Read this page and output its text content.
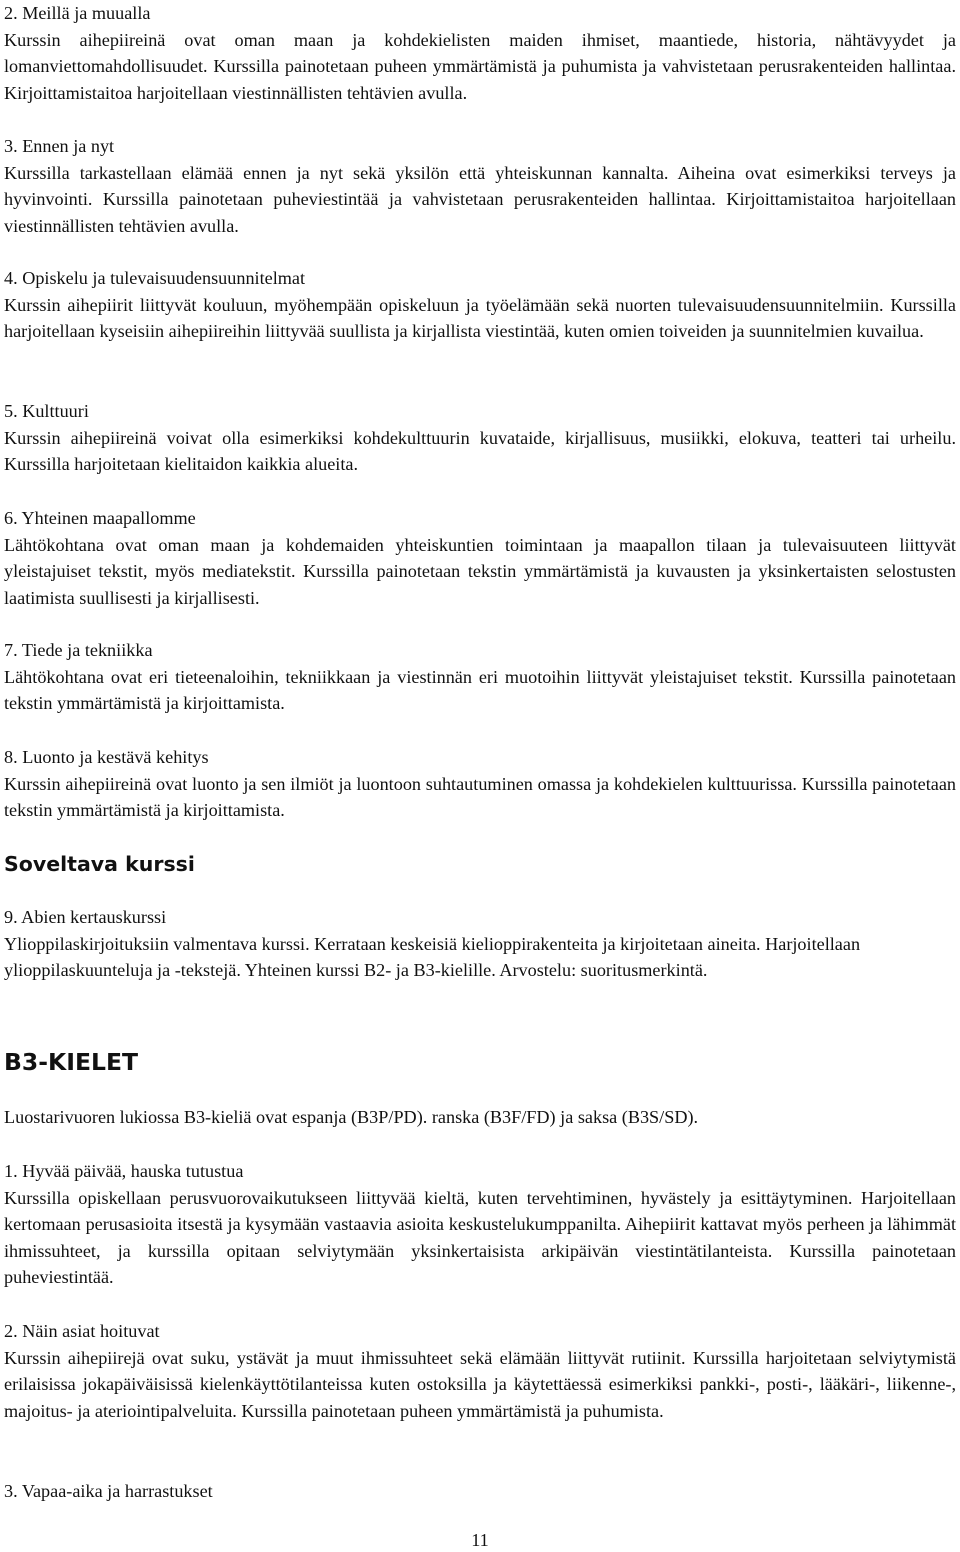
2. Meillä ja muualla

Kurssin aihepiireinä ovat oman maan ja kohdekielisten maiden ihmiset, maantiede, historia, nähtävyydet ja lomanviettomahdollisuudet. Kurssilla painotetaan puheen ymmärtämistä ja puhumista ja vahvistetaan perusrakenteiden hallintaa. Kirjoittamistaitoa harjoitellaan viestinnällisten tehtävien avulla.

3. Ennen ja nyt

Kurssilla tarkastellaan elämää ennen ja nyt sekä yksilön että yhteiskunnan kannalta. Aiheina ovat esimerkiksi terveys ja hyvinvointi. Kurssilla painotetaan puheviestintää ja vahvistetaan perusrakenteiden hallintaa. Kirjoittamistaitoa harjoitellaan viestinnällisten tehtävien avulla.

4. Opiskelu ja tulevaisuudensuunnitelmat

Kurssin aihepiirit liittyvät kouluun, myöhempään opiskeluun ja työelämään sekä nuorten tulevaisuudensuunnitelmiin. Kurssilla harjoitellaan kyseisiin aihepiireihin liittyvää suullista ja kirjallista viestintää, kuten omien toiveiden ja suunnitelmien kuvailua.

5. Kulttuuri

Kurssin aihepiireinä voivat olla esimerkiksi kohdekulttuurin kuvataide, kirjallisuus, musiikki, elokuva, teatteri tai urheilu. Kurssilla harjoitetaan kielitaidon kaikkia alueita.

6. Yhteinen maapallomme

Lähtökohtana ovat oman maan ja kohdemaiden yhteiskuntien toimintaan ja maapallon tilaan ja tulevaisuuteen liittyvät yleistajuiset tekstit, myös mediatekstit. Kurssilla painotetaan tekstin ymmärtämistä ja kuvausten ja yksinkertaisten selostusten laatimista suullisesti ja kirjallisesti.

7. Tiede ja tekniikka

Lähtökohtana ovat eri tieteenaloihin, tekniikkaan ja viestinnän eri muotoihin liittyvät yleistajuiset tekstit. Kurssilla painotetaan tekstin ymmärtämistä ja kirjoittamista.

8. Luonto ja kestävä kehitys

Kurssin aihepiireinä ovat luonto ja sen ilmiöt ja luontoon suhtautuminen omassa ja kohdekielen kulttuurissa. Kurssilla painotetaan tekstin ymmärtämistä ja kirjoittamista.

Soveltava kurssi

9. Abien kertauskurssi

Ylioppilaskirjoituksiin valmentava kurssi. Kerrataan keskeisiä kielioppirakenteita ja kirjoitetaan aineita. Harjoitellaan ylioppilaskuunteluja ja -tekstejä. Yhteinen kurssi B2- ja B3-kielille. Arvostelu: suoritusmerkintä.

B3-KIELET

Luostarivuoren lukiossa B3-kieliä ovat espanja (B3P/PD). ranska (B3F/FD) ja saksa (B3S/SD).

1. Hyvää päivää, hauska tutustua

Kurssilla opiskellaan perusvuorovaikutukseen liittyvää kieltä, kuten tervehtiminen, hyvästely ja esittäytyminen. Harjoitellaan kertomaan perusasioita itsestä ja kysymään vastaavia asioita keskustelukumppanilta. Aihepiirit kattavat myös perheen ja lähimmät ihmissuhteet, ja kurssilla opitaan selviytymään yksinkertaisista arkipäivän viestintätilanteista. Kurssilla painotetaan puheviestintää.

2. Näin asiat hoituvat

Kurssin aihepiirejä ovat suku, ystävät ja muut ihmissuhteet sekä elämään liittyvät rutiinit. Kurssilla harjoitetaan selviytymistä erilaisissa jokapäiväisissä kielenkäyttötilanteissa kuten ostoksilla ja käytettäessä esimerkiksi pankki-, posti-, lääkäri-, liikenne-, majoitus- ja ateriointipalveluita. Kurssilla painotetaan puheen ymmärtämistä ja puhumista.

3. Vapaa-aika ja harrastukset

11
